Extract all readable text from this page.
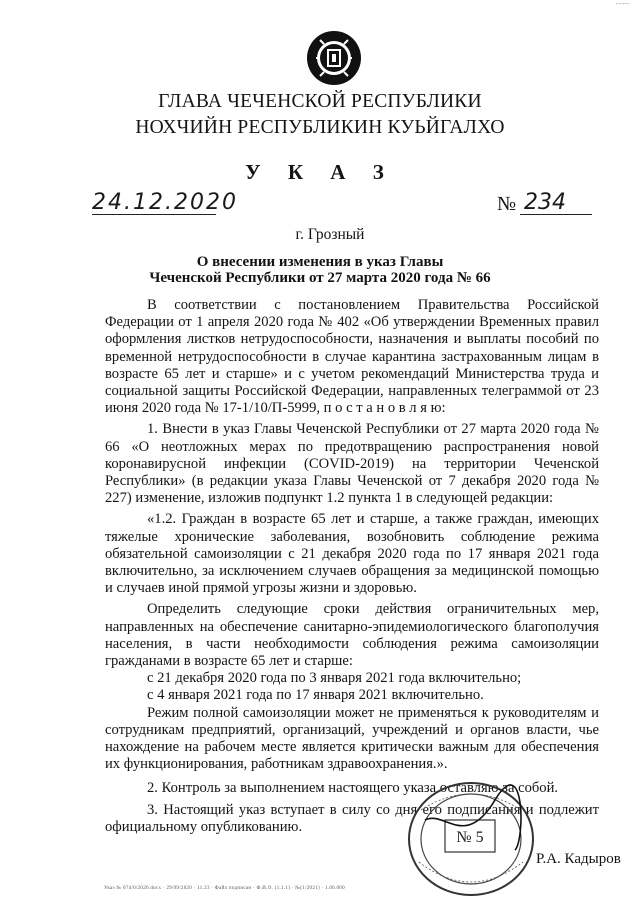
¨¨¨¨¨
ГЛАВА ЧЕЧЕНСКОЙ РЕСПУБЛИКИ
НОХЧИЙН РЕСПУБЛИКИН КУЬЙГАЛХО
У К А З
24.12.2020	№ 234
г. Грозный
О внесении изменения в указ Главы
Чеченской Республики от 27 марта 2020 года № 66

В соответствии с постановлением Правительства Российской Федерации от 1 апреля 2020 года № 402 «Об утверждении Временных правил оформления листков нетрудоспособности, назначения и выплаты пособий по временной нетрудоспособности в случае карантина застрахованным лицам в возрасте 65 лет и старше» и с учетом рекомендаций Министерства труда и социальной защиты Российской Федерации, направленных телеграммой от 23 июня 2020 года № 17-1/10/П-5999, п о с т а н о в л я ю:

1. Внести в указ Главы Чеченской Республики от 27 марта 2020 года № 66 «О неотложных мерах по предотвращению распространения новой коронавирусной инфекции (COVID-2019) на территории Чеченской Республики» (в редакции указа Главы Чеченской от 7 декабря 2020 года № 227) изменение, изложив подпункт 1.2 пункта 1 в следующей редакции:

«1.2. Граждан в возрасте 65 лет и старше, а также граждан, имеющих тяжелые хронические заболевания, возобновить соблюдение режима обязательной самоизоляции с 21 декабря 2020 года по 17 января 2021 года включительно, за исключением случаев обращения за медицинской помощью и случаев иной прямой угрозы жизни и здоровью.

Определить следующие сроки действия ограничительных мер, направленных на обеспечение санитарно-эпидемиологического благополучия населения, в части необходимости соблюдения режима самоизоляции гражданами в возрасте 65 лет и старше:

с 21 декабря 2020 года по 3 января 2021 года включительно;

с 4 января 2021 года по 17 января 2021 включительно.

Режим полной самоизоляции может не применяться к руководителям и сотрудникам предприятий, организаций, учреждений и органов власти, чье нахождение на рабочем месте является критически важным для обеспечения их функционирования, работникам здравоохранения.».

2. Контроль за выполнением настоящего указа оставляю за собой.

3. Настоящий указ вступает в силу со дня его подписания и подлежит официальному опубликованию.

№ 5
Р.А. Кадыров
Указ № 074/0/2020.docx · 29/09/2020 · 11.23 · Файл подписан · Ф.И.О. (1.1.1) · №(1/2021) · 1.00.000
